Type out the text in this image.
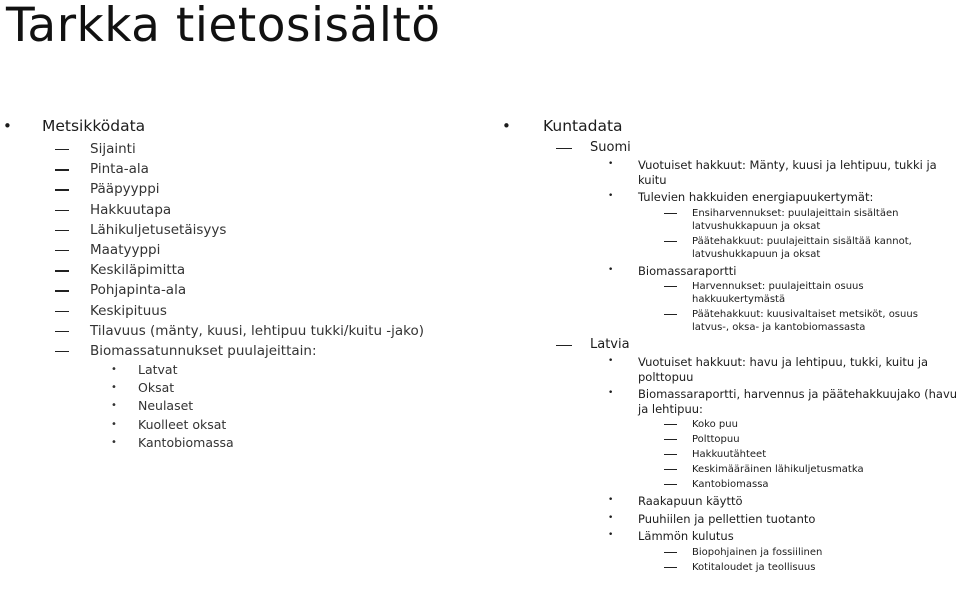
Tarkka tietosisältö
• Metsikködata
Sijainti
Pinta-ala
Pääpyyppi
Hakkuutapa
Lähikuljetusetäisyys
Maatyyppi
Keskiläpimitta
Pohjapinta-ala
Keskipituus
Tilavuus (mänty, kuusi, lehtipuu tukki/kuitu -jako)
Biomassatunnukset puulajeittain:
• Latvat
• Oksat
• Neulaset
• Kuolleet oksat
• Kantobiomassa
• Kuntadata
Suomi
• Vuotuiset hakkuut: Mänty, kuusi ja lehtipuu, tukki ja kuitu
• Tulevien hakkuiden energiapuukertymät:
Ensiharvennukset: puulajeittain sisältäen latvushukkapuun ja oksat
Päätehakkuut: puulajeittain sisältää kannot, latvushukkapuun ja oksat
• Biomassaraportti
Harvennukset: puulajeittain osuus hakkuukertymästä
Päätehakkuut: kuusivaltaiset metsiköt, osuus latvus-, oksa- ja kantobiomassasta
Latvia
• Vuotuiset hakkuut: havu ja lehtipuu, tukki, kuitu ja polttopuu
• Biomassaraportti, harvennus ja päätehakkuujako (havu ja lehtipuu:
Koko puu
Polttopuu
Hakkuutähteet
Keskimääräinen lähikuljetusmatka
Kantobiomassa
• Raakapuun käyttö
• Puuhiilen ja pellettien tuotanto
• Lämmön kulutus
Biopohjainen ja fossiilinen
Kotitaloudet ja teollisuus
